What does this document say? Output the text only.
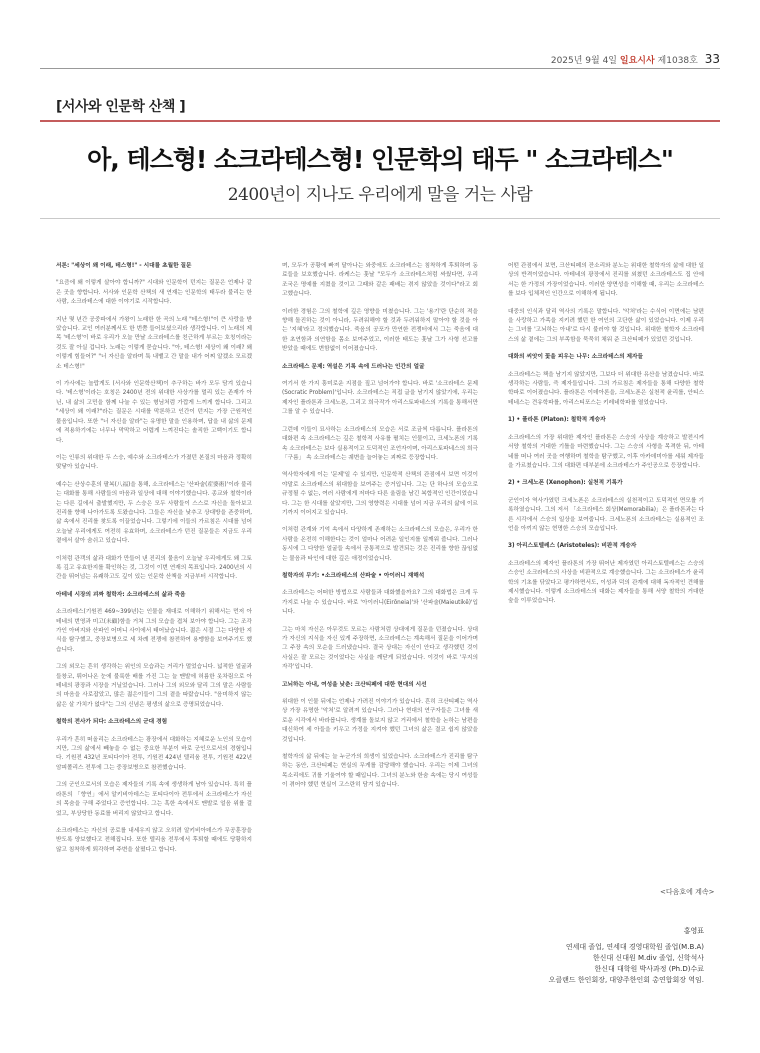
2025년 9월 4일 일요시사 제1038호 33
[서사와 인문학 산책 ]
아, 테스형! 소크라테스형! 인문학의 태두 " 소크라테스"
2400년이 지나도 우리에게 말을 거는 사람

서론: "세상이 왜 이래, 테스형!" - 시대를 초월한 질문

"요즘에 왜 이렇게 살아야 합니까?" 시대와 인문학이 던지는 질문은 언제나 같은 곳을 향합니다. 서사와 인문학 산책의 새 연재는 인문학의 태두라 불리는 한 사람, 소크라테스에 대한 이야기로 시작합니다.

지난 몇 년간 공중파에서 가왕이 노래한 한 곡의 노래 "테스형!"이 큰 사랑을 받았습니다. 교인 여러분께서도 한 번쯤 들어보셨으리라 생각합니다. 이 노래의 제목 '테스형'이 바로 우리가 오늘 만날 소크라테스를 친근하게 부르는 호칭이라는 것도 잘 아실 겁니다. 노래는 이렇게 묻습니다. "아, 테스형! 세상이 왜 이래? 왜 이렇게 힘들어?" "너 자신을 알라며 툭 내뱉고 간 말을 내가 어찌 알겠소 모르겠소 테스형!"

이 가사에는 놀랍게도 (서사와 인문학산책)이 추구하는 바가 모두 담겨 있습니다. '테스형'이라는 호칭은 2400년 전의 위대한 사상가를 멀리 있는 존재가 아닌, 내 삶의 고민을 함께 나눌 수 있는 형님처럼 가깝게 느끼게 합니다. 그리고 "세상이 왜 이래?"라는 질문은 시대를 막론하고 인간이 던지는 가장 근원적인 물음입니다. 또한 "너 자신을 알라"는 유명한 말을 인용하며, 답을 내 삶의 문제에 적용하기에는 너무나 막막하고 어렵게 느껴진다는 솔직한 고백이기도 합니다.

이는 인류의 위대한 두 스승, 예수와 소크라테스가 가졌던 본질의 마음과 정확히 맞닿아 있습니다.

예수는 산상수훈의 팔복(八福)을 통해, 소크라테스는 '산파술(産婆術)'이라 불리는 대화를 통해 사람들의 마음과 일상에 대해 이야기했습니다. 종교와 철학이라는 다른 길에서 출발했지만, 두 스승은 모두 사람들이 스스로 자신을 돌아보고 진리를 향해 나아가도록 도왔습니다. 그들은 자신을 낮추고 상대방을 존중하며, 삶 속에서 진리를 찾도록 이끌었습니다. 그렇기에 이들의 가르침은 시대를 넘어 오늘날 우리에게도 여전히 유효하며, 소크라테스가 던진 질문들은 지금도 우리 곁에서 살아 숨쉬고 있습니다.

이처럼 관객의 삶과 대화가 만들어 낸 진리의 물음이 오늘날 우리에게도 왜 그토록 깊고 유효한지를 확인하는 것, 그것이 이번 연재의 목표입니다. 2400년의 시간을 뛰어넘는 유쾌하고도 깊이 있는 인문학 산책을 지금부터 시작합니다.

아테네 시장의 괴짜 철학자: 소크라테스의 삶과 죽음

소크라테스(기원전 469~399년)는 인물을 재대로 이해하기 위해서는 먼저 아테네의 번영과 미고(未顧)함을 거쳐 그의 모습을 겹쳐 보아야 합니다. 그는 조각가인 아버지와 산파인 어머니 사이에서 태어났습니다. 젊은 시절 그는 다양한 지식을 탐구했고, 중장보병으로 세 차례 전쟁에 참전하여 용맹함을 보여주기도 했습니다.

그의 외모는 흔히 생각하는 위인의 모습과는 거리가 멀었습니다. 넓적한 얼굴과 들창코, 튀어나온 눈에 불룩한 배를 가진 그는 늘 맨발에 허름한 옷차림으로 아테네의 광장과 시장을 거닐었습니다. 그러나 그의 외모와 달리 그의 말은 사람들의 마음을 사로잡았고, 많은 젊은이들이 그의 곁을 따랐습니다. "음미하지 않는 삶은 살 가치가 없다"는 그의 신념은 평생의 삶으로 증명되었습니다.

철학의 전사가 되다: 소크라테스의 군대 경험

우리가 흔히 떠올리는 소크라테스는 광장에서 대화하는 지혜로운 노인의 모습이지만, 그의 삶에서 빼놓을 수 없는 중요한 부분이 바로 군인으로서의 경험입니다. 기원전 432년 포티다이아 전투, 기원전 424년 델리움 전투, 기원전 422년 암피폴리스 전투에 그는 중장보병으로 참전했습니다.

그의 군인으로서의 모습은 제자들의 기록 속에 생생하게 남아 있습니다. 특히 플라톤의 「향연」에서 알키비아데스는 포티다이아 전투에서 소크라테스가 자신의 목숨을 구해 주었다고 증언합니다. 그는 혹한 속에서도 맨발로 얼음 위를 걸었고, 부상당한 동료를 버리지 않았다고 합니다.

소크라테스는 자신의 공로를 내세우지 않고 오히려 알키비아데스가 무공훈장을 받도록 양보했다고 전해집니다. 또한 델리움 전투에서 후퇴할 때에도 당황하지 않고 침착하게 퇴각하며 주변을 살폈다고 합니다.

며, 모두가 공황에 빠져 달아나는 와중에도 소크라테스는 침착하게 후퇴하며 동료들을 보호했습니다. 라케스는 훗날 "모두가 소크라테스처럼 싸웠다면, 우리 조국은 명예를 지켰을 것이고 그때와 같은 패배는 겪지 않았을 것이다"라고 회고했습니다.

이러한 경험은 그의 철학에 깊은 영향을 미쳤습니다. 그는 '용기'란 단순히 적을 향해 돌진하는 것이 아니라, 두려워해야 할 것과 두려워하지 말아야 할 것을 아는 '지혜'라고 정의했습니다. 죽음의 공포가 만연한 전쟁터에서 그는 죽음에 대한 초연함과 의연함을 몸소 보여주었고, 이러한 태도는 훗날 그가 사형 선고를 받았을 때에도 변함없이 이어졌습니다.

소크라테스 문제: 역설은 기록 속에 드러나는 인간의 얼굴

여기서 한 가지 흥미로운 지점을 짚고 넘어가야 합니다. 바로 '소크라테스 문제(Socratic Problem)'입니다. 소크라테스는 직접 글을 남기지 않았기에, 우리는 제자인 플라톤과 크세노폰, 그리고 희극작가 아리스토파네스의 기록을 통해서만 그를 알 수 있습니다.

그런데 이들이 묘사하는 소크라테스의 모습은 서로 조금씩 다릅니다. 플라톤의 대화편 속 소크라테스는 깊은 철학적 사유를 펼치는 인물이고, 크세노폰의 기록 속 소크라테스는 보다 실용적이고 도덕적인 조언자이며, 아리스토파네스의 희극 「구름」 속 소크라테스는 궤변을 늘어놓는 괴짜로 등장합니다.

역사학자에게 이는 '문제'일 수 있지만, 인문학적 산책의 관점에서 보면 이것이야말로 소크라테스의 위대함을 보여주는 증거입니다. 그는 단 하나의 모습으로 규정될 수 없는, 여러 사람에게 저마다 다른 울림을 남긴 복합적인 인간이었습니다. 그는 한 시대를 살았지만, 그의 영향력은 시대를 넘어 지금 우리의 삶에 이르기까지 이어지고 있습니다.

이처럼 관계와 기억 속에서 다양하게 존재하는 소크라테스의 모습은, 우리가 한 사람을 온전히 이해한다는 것이 얼마나 어려운 일인지를 일깨워 줍니다. 그러나 동시에 그 다양한 얼굴들 속에서 공통적으로 발견되는 것은 진리를 향한 끊임없는 물음과 타인에 대한 깊은 애정이었습니다.

철학자의 무기: •소크라테스의 산파술 • 아이러니 재해석

소크라테스는 어떠한 방법으로 사람들과 대화했을까요? 그의 대화법은 크게 두 가지로 나눌 수 있습니다. 바로 '아이러니(Eirōneia)'와 '산파술(Maieutikē)'입니다.

그는 마치 자신은 아무것도 모르는 사람처럼 상대에게 질문을 던졌습니다. 상대가 자신의 지식을 자신 있게 주장하면, 소크라테스는 계속해서 질문을 이어가며 그 주장 속의 모순을 드러냈습니다. 결국 상대는 자신이 안다고 생각했던 것이 사실은 잘 모르는 것이었다는 사실을 깨닫게 되었습니다. 이것이 바로 '무지의 자각'입니다.

고뇌하는 아내, 여성을 낮춘: 크산티페에 대한 현대의 시선

위대한 이 인물 뒤에는 언제나 가려진 이야기가 있습니다. 흔히 크산티페는 역사상 가장 유명한 '악처'로 알려져 있습니다. 그러나 현대의 연구자들은 그녀를 새로운 시각에서 바라봅니다. 생계를 돌보지 않고 거리에서 철학을 논하는 남편을 대신하여 세 아들을 키우고 가정을 지켜야 했던 그녀의 삶은 결코 쉽지 않았을 것입니다.

철학자의 삶 뒤에는 늘 누군가의 희생이 있었습니다. 소크라테스가 진리를 탐구하는 동안, 크산티페는 현실의 무게를 감당해야 했습니다. 우리는 이제 그녀의 목소리에도 귀를 기울여야 할 때입니다. 그녀의 분노와 한숨 속에는 당시 여성들이 겪어야 했던 현실이 고스란히 담겨 있습니다.

어떤 관점에서 보면, 크산티페의 잔소리와 분노는 위대한 철학자의 삶에 대한 일상의 반격이었습니다. 아테네의 광장에서 진리를 외쳤던 소크라테스도 집 안에서는 한 가정의 가장이었습니다. 이러한 양면성을 이해할 때, 우리는 소크라테스를 보다 입체적인 인간으로 이해하게 됩니다.

대중의 인식과 달리 역사의 기록은 말합니다. '악처'라는 수식어 이면에는 남편을 사랑하고 가족을 지키려 했던 한 여인의 고단한 삶이 있었습니다. 이제 우리는 그녀를 '고뇌하는 아내'로 다시 불러야 할 것입니다. 위대한 철학자 소크라테스의 삶 곁에는 그의 부족함을 묵묵히 채워 준 크산티페가 있었던 것입니다.

대화의 씨앗이 꽃을 피우는 나무: 소크라테스의 제자들

소크라테스는 책을 남기지 않았지만, 그보다 더 위대한 유산을 남겼습니다. 바로 생각하는 사람들, 즉 제자들입니다. 그의 가르침은 제자들을 통해 다양한 철학 학파로 이어졌습니다. 플라톤은 이데아론을, 크세노폰은 실천적 윤리를, 안티스테네스는 견유학파를, 아리스티포스는 키레네학파를 열었습니다.

1) • 플라톤 (Platon): 철학적 계승자

소크라테스의 가장 위대한 제자인 플라톤은 스승의 사상을 계승하고 발전시켜 서양 철학의 거대한 기틀을 마련했습니다. 그는 스승의 사형을 목격한 뒤, 아테네를 떠나 여러 곳을 여행하며 철학을 탐구했고, 이후 아카데미아를 세워 제자들을 가르쳤습니다. 그의 대화편 대부분에 소크라테스가 주인공으로 등장합니다.

2) • 크세노폰 (Xenophon): 실천적 기록가

군인이자 역사가였던 크세노폰은 소크라테스의 실천적이고 도덕적인 면모를 기록하였습니다. 그의 저서 「소크라테스 회상(Memorabilia)」은 플라톤과는 다른 시각에서 스승의 일상을 보여줍니다. 크세노폰의 소크라테스는 실용적인 조언을 아끼지 않는 현명한 스승의 모습입니다.

3) 아리스토텔레스 (Aristoteles): 비판적 계승자

소크라테스의 제자인 플라톤의 가장 뛰어난 제자였던 아리스토텔레스는 스승의 스승인 소크라테스의 사상을 비판적으로 계승했습니다. 그는 소크라테스가 윤리학의 기초를 닦았다고 평가하면서도, 이성과 덕의 관계에 대해 독자적인 견해를 제시했습니다. 이렇게 소크라테스의 대화는 제자들을 통해 서양 철학의 거대한 숲을 이루었습니다.

<다음호에 계속>
홍영표
연세대 졸업, 연세대 경영대학원 졸업(M.B.A)
한신대 신대원 M.div 졸업, 신학석사
한신대 대학원 박사과정 (Ph.D)수료
오클랜드 한인회장, 대양주한인회 총연합회장 역임.
